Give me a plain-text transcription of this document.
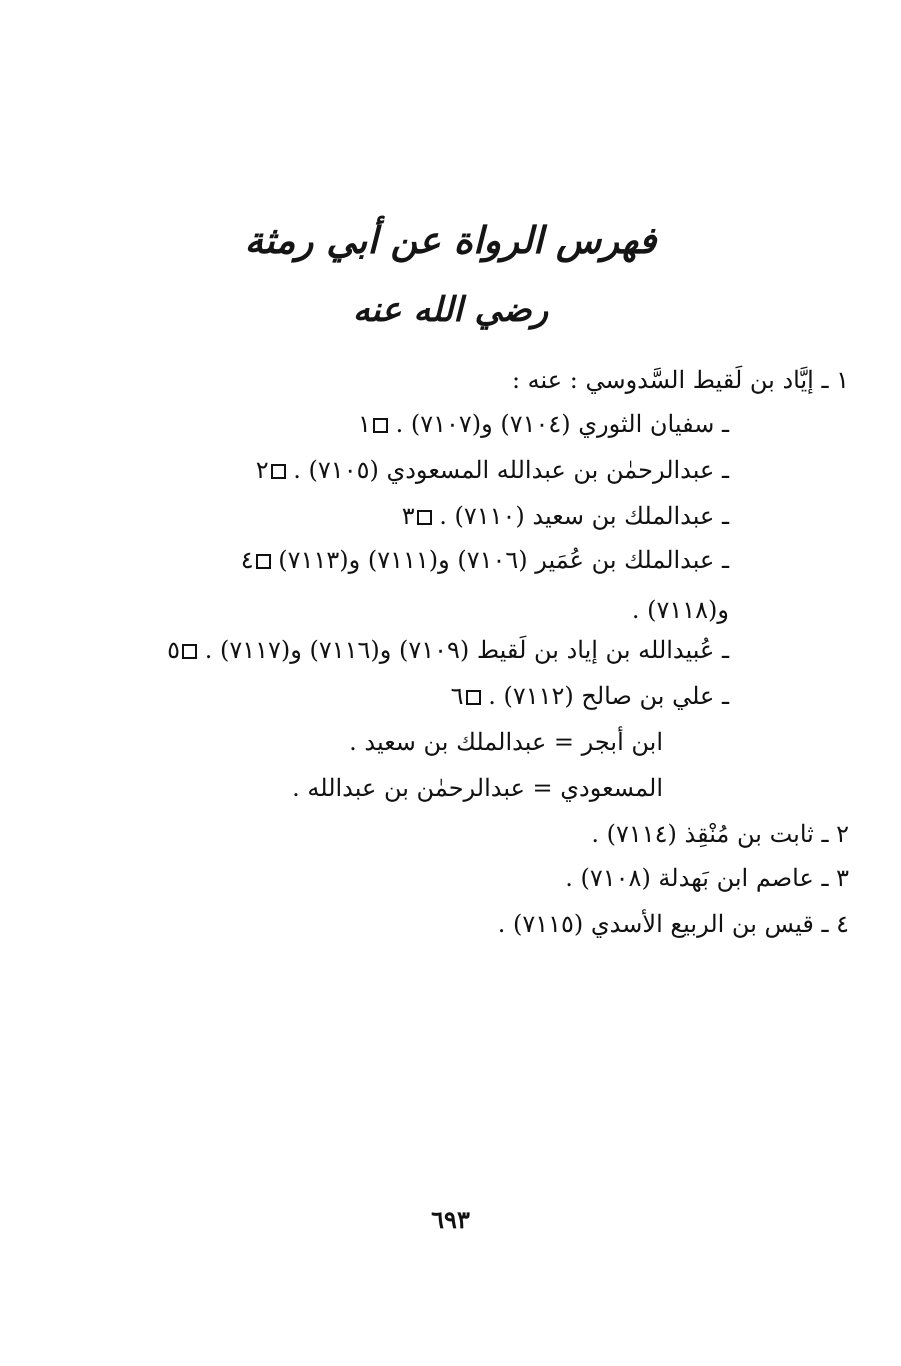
فهرس الرواة عن أبي رمثة
رضي الله عنه
١ ـ إيَّاد بن لَقيط السَّدوسي : عنه :
١ ـ سفيان الثوري (٧١٠٤) و(٧١٠٧) .
٢ ـ عبدالرحمٰن بن عبدالله المسعودي (٧١٠٥) .
٣ ـ عبدالملك بن سعيد (٧١١٠) .
٤ ـ عبدالملك بن عُمَير (٧١٠٦) و(٧١١١) و(٧١١٣)
و(٧١١٨) .
٥ ـ عُبيدالله بن إياد بن لَقيط (٧١٠٩) و(٧١١٦) و(٧١١٧) .
٦ ـ علي بن صالح (٧١١٢) .
ابن أبجر = عبدالملك بن سعيد .
المسعودي = عبدالرحمٰن بن عبدالله .
٢ ـ ثابت بن مُنْقِذ (٧١١٤) .
٣ ـ عاصم ابن بَهدلة (٧١٠٨) .
٤ ـ قيس بن الربيع الأسدي (٧١١٥) .
٦٩٣
